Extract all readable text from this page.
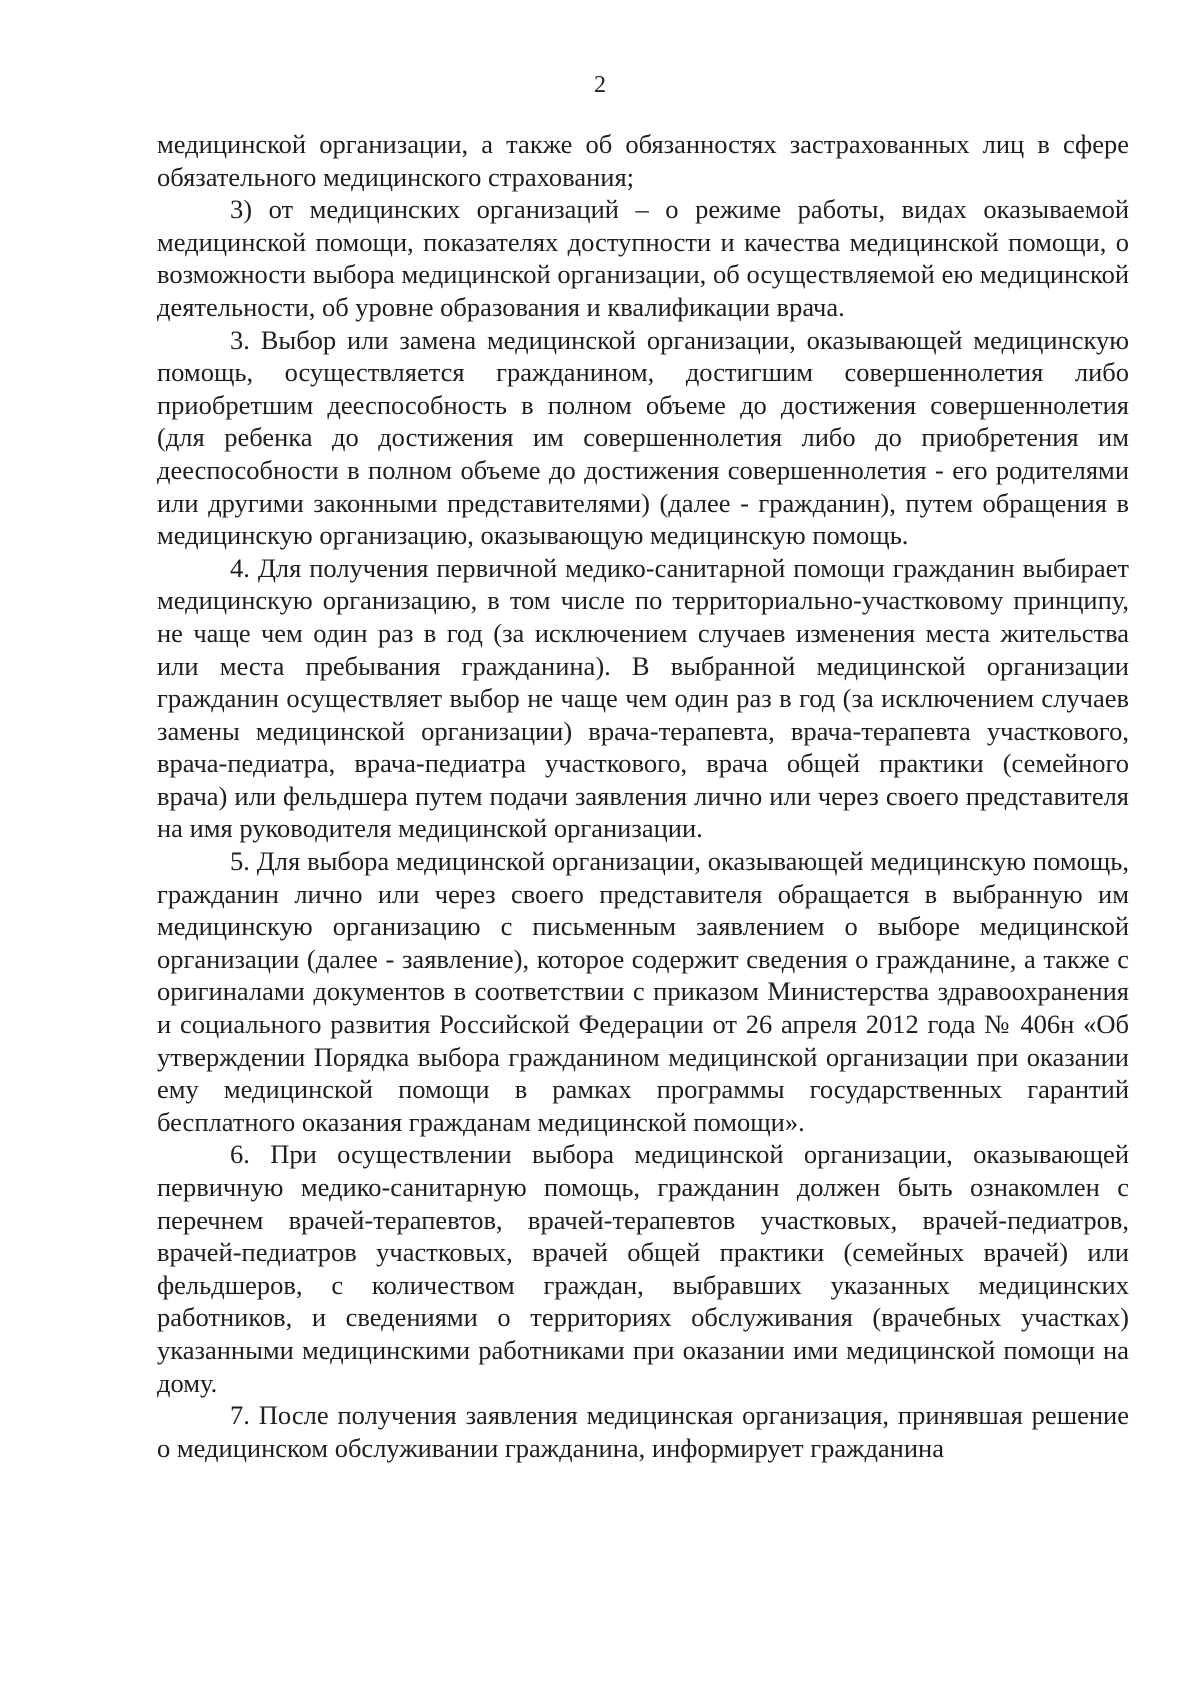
2

медицинской организации, а также об обязанностях застрахованных лиц в сфере обязательного медицинского страхования;

3) от медицинских организаций – о режиме работы, видах оказываемой медицинской помощи, показателях доступности и качества медицинской помощи, о возможности выбора медицинской организации, об осуществляемой ею медицинской деятельности, об уровне образования и квалификации врача.

3. Выбор или замена медицинской организации, оказывающей медицинскую помощь, осуществляется гражданином, достигшим совершеннолетия либо приобретшим дееспособность в полном объеме до достижения совершеннолетия (для ребенка до достижения им совершеннолетия либо до приобретения им дееспособности в полном объеме до достижения совершеннолетия - его родителями или другими законными представителями) (далее - гражданин), путем обращения в медицинскую организацию, оказывающую медицинскую помощь.

4. Для получения первичной медико-санитарной помощи гражданин выбирает медицинскую организацию, в том числе по территориально-участковому принципу, не чаще чем один раз в год (за исключением случаев изменения места жительства или места пребывания гражданина). В выбранной медицинской организации гражданин осуществляет выбор не чаще чем один раз в год (за исключением случаев замены медицинской организации) врача-терапевта, врача-терапевта участкового, врача-педиатра, врача-педиатра участкового, врача общей практики (семейного врача) или фельдшера путем подачи заявления лично или через своего представителя на имя руководителя медицинской организации.

5. Для выбора медицинской организации, оказывающей медицинскую помощь, гражданин лично или через своего представителя обращается в выбранную им медицинскую организацию с письменным заявлением о выборе медицинской организации (далее - заявление), которое содержит сведения о гражданине, а также с оригиналами документов в соответствии с приказом Министерства здравоохранения и социального развития Российской Федерации от 26 апреля 2012 года № 406н «Об утверждении Порядка выбора гражданином медицинской организации при оказании ему медицинской помощи в рамках программы государственных гарантий бесплатного оказания гражданам медицинской помощи».

6. При осуществлении выбора медицинской организации, оказывающей первичную медико-санитарную помощь, гражданин должен быть ознакомлен с перечнем врачей-терапевтов, врачей-терапевтов участковых, врачей-педиатров, врачей-педиатров участковых, врачей общей практики (семейных врачей) или фельдшеров, с количеством граждан, выбравших указанных медицинских работников, и сведениями о территориях обслуживания (врачебных участках) указанными медицинскими работниками при оказании ими медицинской помощи на дому.

7. После получения заявления медицинская организация, принявшая решение о медицинском обслуживании гражданина, информирует гражданина
